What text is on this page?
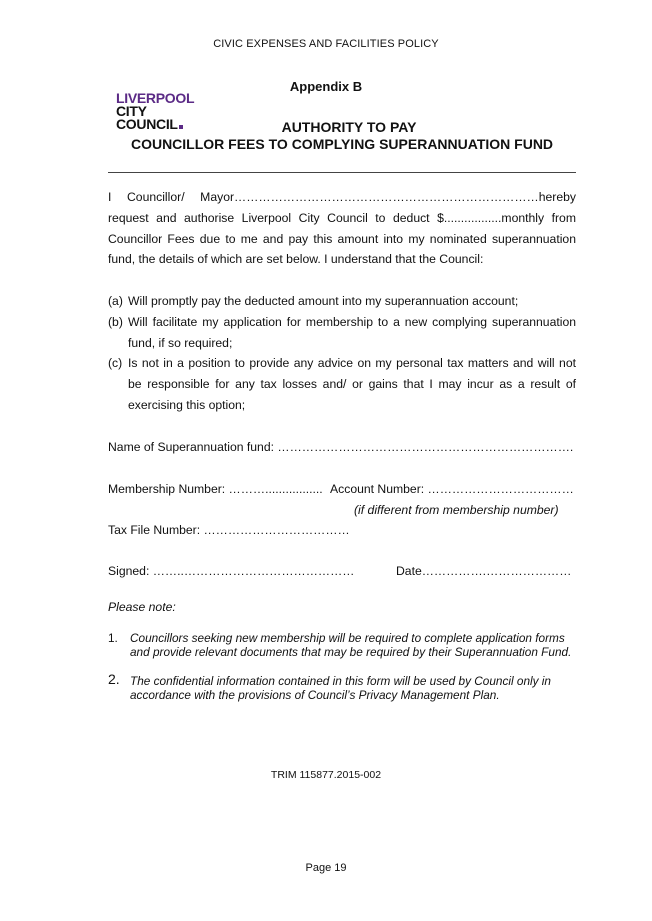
CIVIC EXPENSES AND FACILITIES POLICY
Appendix B
LIVERPOOL
CITY
COUNCIL	AUTHORITY TO PAY
COUNCILLOR FEES TO COMPLYING SUPERANNUATION FUND

I Councillor/ Mayor…………………………………………………………………hereby request and authorise Liverpool City Council to deduct $.................monthly from Councillor Fees due to me and pay this amount into my nominated superannuation fund, the details of which are set below. I understand that the Council:

(a) Will promptly pay the deducted amount into my superannuation account;
(b) Will facilitate my application for membership to a new complying superannuation fund, if so required;
(c) Is not in a position to provide any advice on my personal tax matters and will not be responsible for any tax losses and/ or gains that I may incur as a result of exercising this option;
Name of Superannuation fund: ……………………………………………………………….
Membership Number: ………................. Account Number: ………………………………
(if different from membership number)
Tax File Number: ………………………………
Signed: ……..……………………………………	Date…………….…………………
Please note:
1. Councillors seeking new membership will be required to complete application forms and provide relevant documents that may be required by their Superannuation Fund.
2. The confidential information contained in this form will be used by Council only in accordance with the provisions of Council’s Privacy Management Plan.
TRIM 115877.2015-002
Page 19
